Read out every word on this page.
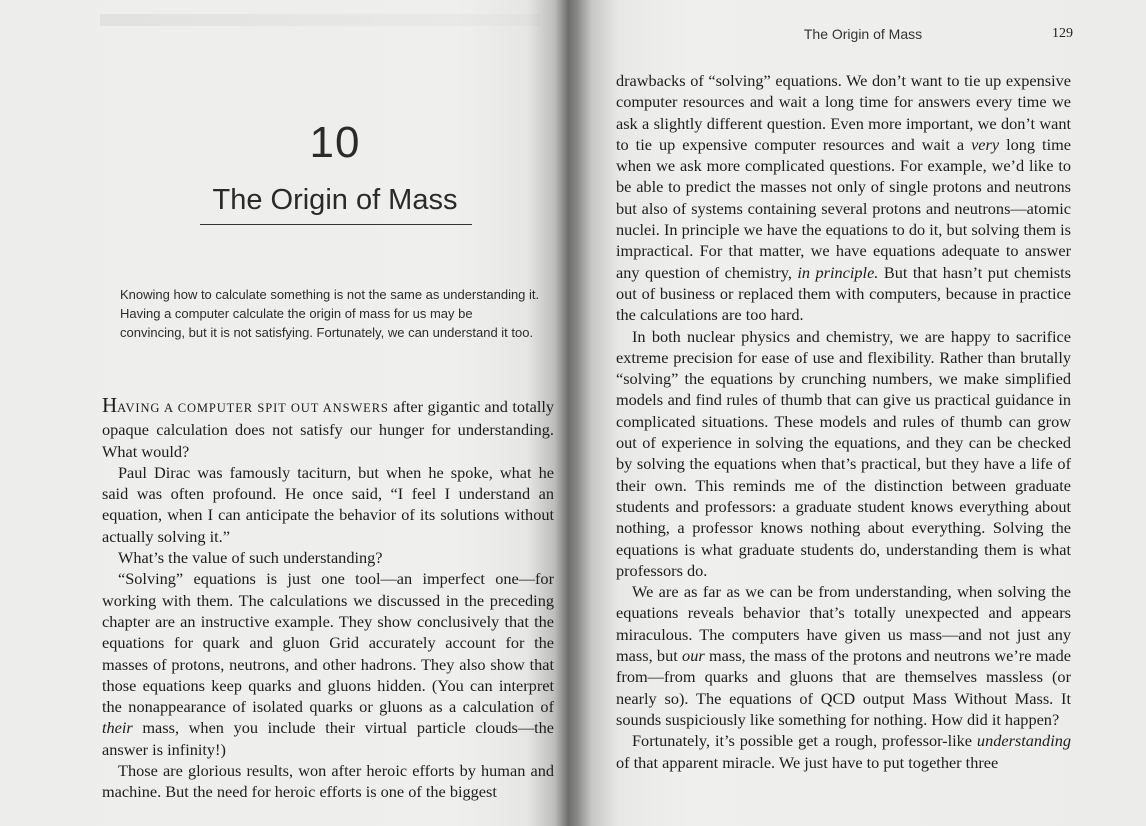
10
The Origin of Mass

Knowing how to calculate something is not the same as understanding it. Having a computer calculate the origin of mass for us may be convincing, but it is not satisfying. Fortunately, we can understand it too.

HAVING A COMPUTER SPIT OUT ANSWERS after gigantic and totally opaque calculation does not satisfy our hunger for understanding. What would?

Paul Dirac was famously taciturn, but when he spoke, what he said was often profound. He once said, “I feel I understand an equation, when I can anticipate the behavior of its solutions without actually solving it.”

What’s the value of such understanding?

“Solving” equations is just one tool—an imperfect one—for working with them. The calculations we discussed in the preceding chapter are an instructive example. They show conclusively that the equations for quark and gluon Grid accurately account for the masses of protons, neutrons, and other hadrons. They also show that those equations keep quarks and gluons hidden. (You can interpret the nonappearance of isolated quarks or gluons as a calculation of their mass, when you include their virtual particle clouds—the answer is infinity!)

Those are glorious results, won after heroic efforts by human and machine. But the need for heroic efforts is one of the biggest

The Origin of Mass	129

drawbacks of “solving” equations. We don’t want to tie up expensive computer resources and wait a long time for answers every time we ask a slightly different question. Even more important, we don’t want to tie up expensive computer resources and wait a very long time when we ask more complicated questions. For example, we’d like to be able to predict the masses not only of single protons and neutrons but also of systems containing several protons and neutrons—atomic nuclei. In principle we have the equations to do it, but solving them is impractical. For that matter, we have equations adequate to answer any question of chemistry, in principle. But that hasn’t put chemists out of business or replaced them with computers, because in practice the calculations are too hard.

In both nuclear physics and chemistry, we are happy to sacrifice extreme precision for ease of use and flexibility. Rather than brutally “solving” the equations by crunching numbers, we make simplified models and find rules of thumb that can give us practical guidance in complicated situations. These models and rules of thumb can grow out of experience in solving the equations, and they can be checked by solving the equations when that’s practical, but they have a life of their own. This reminds me of the distinction between graduate students and professors: a graduate student knows everything about nothing, a professor knows nothing about everything. Solving the equations is what graduate students do, understanding them is what professors do.

We are as far as we can be from understanding, when solving the equations reveals behavior that’s totally unexpected and appears miraculous. The computers have given us mass—and not just any mass, but our mass, the mass of the protons and neutrons we’re made from—from quarks and gluons that are themselves massless (or nearly so). The equations of QCD output Mass Without Mass. It sounds suspiciously like something for nothing. How did it happen?

Fortunately, it’s possible get a rough, professor-like understanding of that apparent miracle. We just have to put together three
